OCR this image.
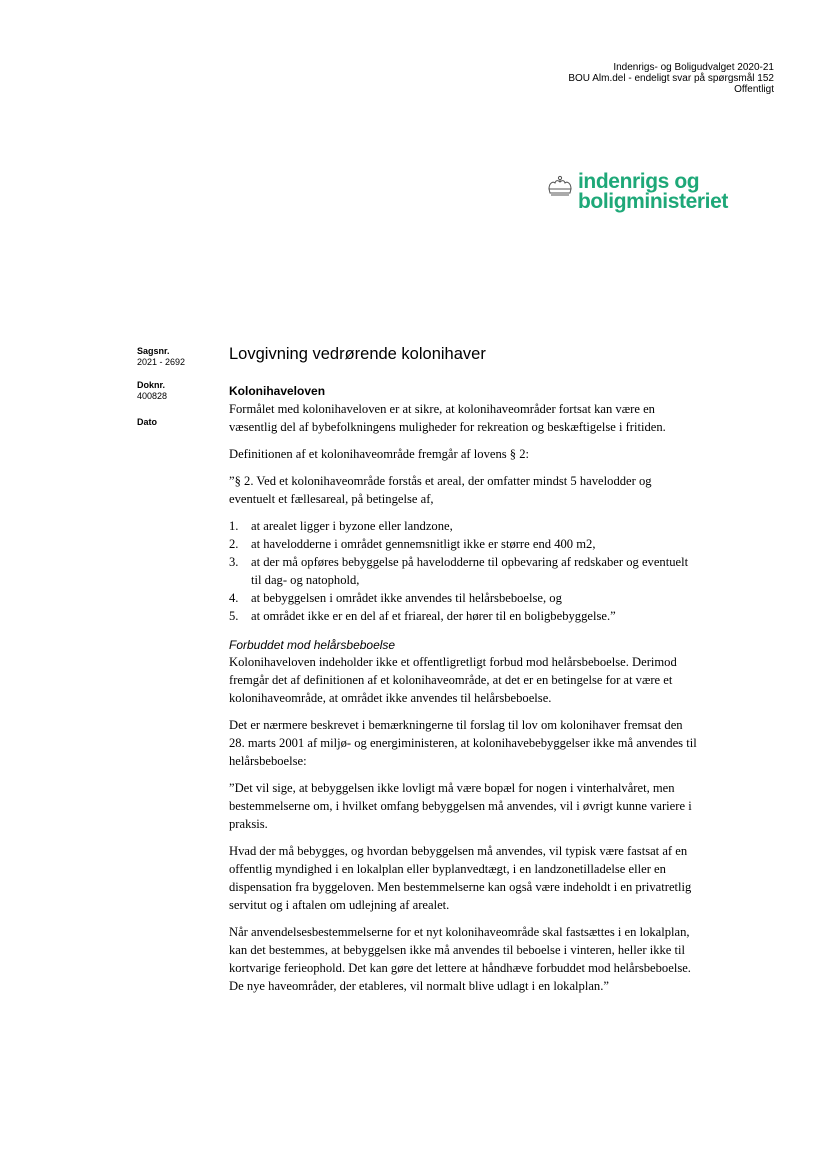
Indenrigs- og Boligudvalget 2020-21
BOU Alm.del - endeligt svar på spørgsmål 152
Offentligt
indenrigs og
boligministeriet
Sagsnr.
2021 - 2692
Doknr.
400828
Dato
Lovgivning vedrørende kolonihaver
Kolonihaveloven

Formålet med kolonihaveloven er at sikre, at kolonihaveområder fortsat kan være en væsentlig del af bybefolkningens muligheder for rekreation og beskæftigelse i fritiden.

Definitionen af et kolonihaveområde fremgår af lovens § 2:

”§ 2. Ved et kolonihaveområde forstås et areal, der omfatter mindst 5 havelodder og eventuelt et fællesareal, på betingelse af,

1. at arealet ligger i byzone eller landzone,
2. at havelodderne i området gennemsnitligt ikke er større end 400 m2,
3. at der må opføres bebyggelse på havelodderne til opbevaring af redskaber og eventuelt til dag- og natophold,
4. at bebyggelsen i området ikke anvendes til helårsbeboelse, og
5. at området ikke er en del af et friareal, der hører til en boligbebyggelse.”
Forbuddet mod helårsbeboelse

Kolonihaveloven indeholder ikke et offentligretligt forbud mod helårsbeboelse. Derimod fremgår det af definitionen af et kolonihaveområde, at det er en betingelse for at være et kolonihaveområde, at området ikke anvendes til helårsbeboelse.

Det er nærmere beskrevet i bemærkningerne til forslag til lov om kolonihaver fremsat den 28. marts 2001 af miljø- og energiministeren, at kolonihavebebyggelser ikke må anvendes til helårsbeboelse:

”Det vil sige, at bebyggelsen ikke lovligt må være bopæl for nogen i vinterhalvåret, men bestemmelserne om, i hvilket omfang bebyggelsen må anvendes, vil i øvrigt kunne variere i praksis.

Hvad der må bebygges, og hvordan bebyggelsen må anvendes, vil typisk være fastsat af en offentlig myndighed i en lokalplan eller byplanvedtægt, i en landzonetilladelse eller en dispensation fra byggeloven. Men bestemmelserne kan også være indeholdt i en privatretlig servitut og i aftalen om udlejning af arealet.

Når anvendelsesbestemmelserne for et nyt kolonihaveområde skal fastsættes i en lokalplan, kan det bestemmes, at bebyggelsen ikke må anvendes til beboelse i vinteren, heller ikke til kortvarige ferieophold. Det kan gøre det lettere at håndhæve forbuddet mod helårsbeboelse. De nye haveområder, der etableres, vil normalt blive udlagt i en lokalplan.”
